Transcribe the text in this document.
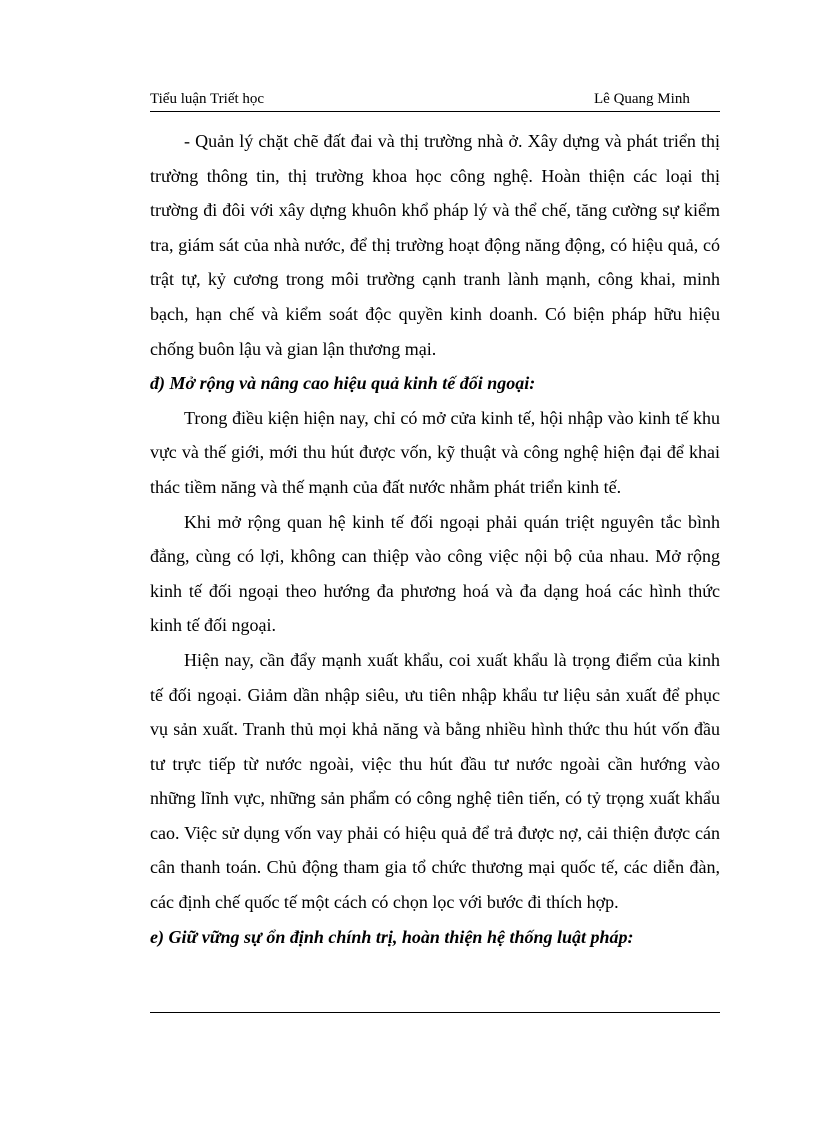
Tiểu luận Triết học	Lê Quang Minh

- Quản lý chặt chẽ đất đai và thị trường nhà ở. Xây dựng và phát triển thị trường thông tin, thị trường khoa học công nghệ. Hoàn thiện các loại thị trường đi đôi với xây dựng khuôn khổ pháp lý và thể chế, tăng cường sự kiểm tra, giám sát của nhà nước, để thị trường hoạt động năng động, có hiệu quả, có trật tự, kỷ cương trong môi trường cạnh tranh lành mạnh, công khai, minh bạch, hạn chế và kiểm soát độc quyền kinh doanh. Có biện pháp hữu hiệu chống buôn lậu và gian lận thương mại.

đ) Mở rộng và nâng cao hiệu quả kinh tế đối ngoại:

Trong điều kiện hiện nay, chỉ có mở cửa kinh tế, hội nhập vào kinh tế khu vực và thế giới, mới thu hút được vốn, kỹ thuật và công nghệ hiện đại để khai thác tiềm năng và thế mạnh của đất nước nhằm phát triển kinh tế.

Khi mở rộng quan hệ kinh tế đối ngoại phải quán triệt nguyên tắc bình đẳng, cùng có lợi, không can thiệp vào công việc nội bộ của nhau. Mở rộng kinh tế đối ngoại theo hướng đa phương hoá và đa dạng hoá các hình thức kinh tế đối ngoại.

Hiện nay, cần đẩy mạnh xuất khẩu, coi xuất khẩu là trọng điểm của kinh tế đối ngoại. Giảm dần nhập siêu, ưu tiên nhập khẩu tư liệu sản xuất để phục vụ sản xuất. Tranh thủ mọi khả năng và bằng nhiều hình thức thu hút vốn đầu tư trực tiếp từ nước ngoài, việc thu hút đầu tư nước ngoài cần hướng vào những lĩnh vực, những sản phẩm có công nghệ tiên tiến, có tỷ trọng xuất khẩu cao. Việc sử dụng vốn vay phải có hiệu quả để trả được nợ, cải thiện được cán cân thanh toán. Chủ động tham gia tổ chức thương mại quốc tế, các diễn đàn, các định chế quốc tế một cách có chọn lọc với bước đi thích hợp.

e) Giữ vững sự ổn định chính trị, hoàn thiện hệ thống luật pháp:
